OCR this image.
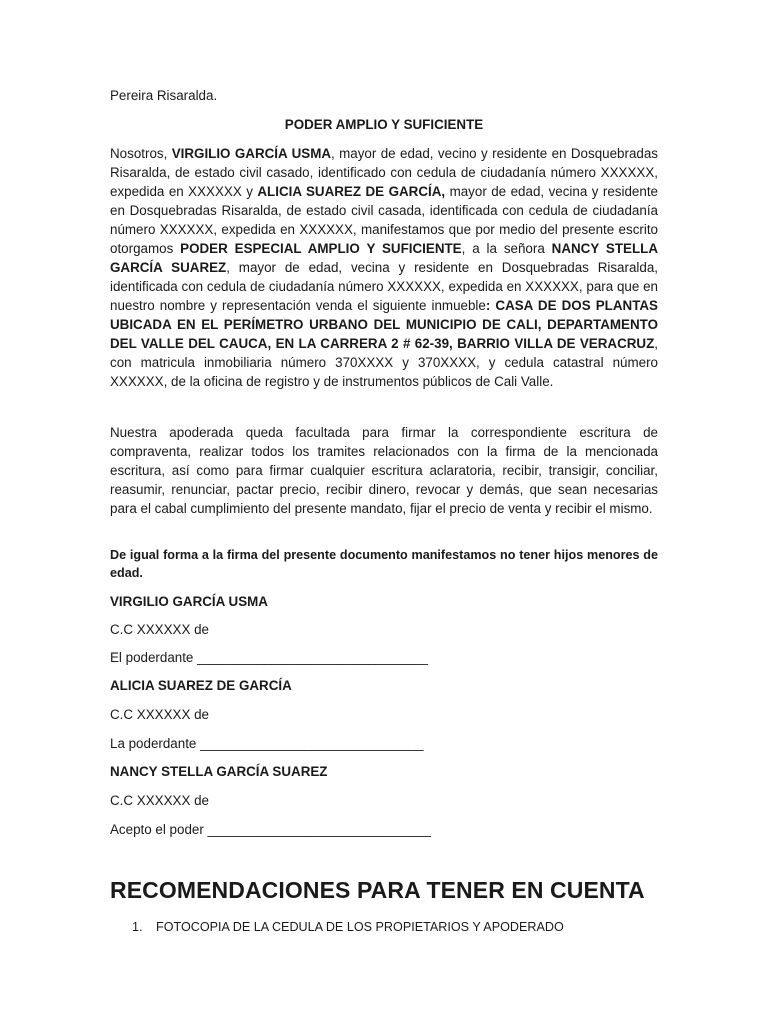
Pereira Risaralda.
PODER AMPLIO Y SUFICIENTE
Nosotros, VIRGILIO GARCÍA USMA, mayor de edad, vecino y residente en Dosquebradas Risaralda, de estado civil casado, identificado con cedula de ciudadanía número XXXXXX, expedida en XXXXXX y ALICIA SUAREZ DE GARCÍA, mayor de edad, vecina y residente en Dosquebradas Risaralda, de estado civil casada, identificada con cedula de ciudadanía número XXXXXX, expedida en XXXXXX, manifestamos que por medio del presente escrito otorgamos PODER ESPECIAL AMPLIO Y SUFICIENTE, a la señora NANCY STELLA GARCÍA SUAREZ, mayor de edad, vecina y residente en Dosquebradas Risaralda, identificada con cedula de ciudadanía número XXXXXX, expedida en XXXXXX, para que en nuestro nombre y representación venda el siguiente inmueble: CASA DE DOS PLANTAS UBICADA EN EL PERÍMETRO URBANO DEL MUNICIPIO DE CALI, DEPARTAMENTO DEL VALLE DEL CAUCA, EN LA CARRERA 2 # 62-39, BARRIO VILLA DE VERACRUZ, con matricula inmobiliaria número 370XXXX y 370XXXX, y cedula catastral número XXXXXX, de la oficina de registro y de instrumentos públicos de Cali Valle.
Nuestra apoderada queda facultada para firmar la correspondiente escritura de compraventa, realizar todos los tramites relacionados con la firma de la mencionada escritura, así como para firmar cualquier escritura aclaratoria, recibir, transigir, conciliar, reasumir, renunciar, pactar precio, recibir dinero, revocar y demás, que sean necesarias para el cabal cumplimiento del presente mandato, fijar el precio de venta y recibir el mismo.
De igual forma a la firma del presente documento manifestamos no tener hijos menores de edad.
VIRGILIO GARCÍA USMA
C.C XXXXXX de
El poderdante _______________________________
ALICIA SUAREZ DE GARCÍA
C.C XXXXXX de
La poderdante ______________________________
NANCY STELLA GARCÍA SUAREZ
C.C XXXXXX de
Acepto el poder ______________________________
RECOMENDACIONES PARA TENER EN CUENTA
1. FOTOCOPIA DE LA CEDULA DE LOS PROPIETARIOS Y APODERADO
